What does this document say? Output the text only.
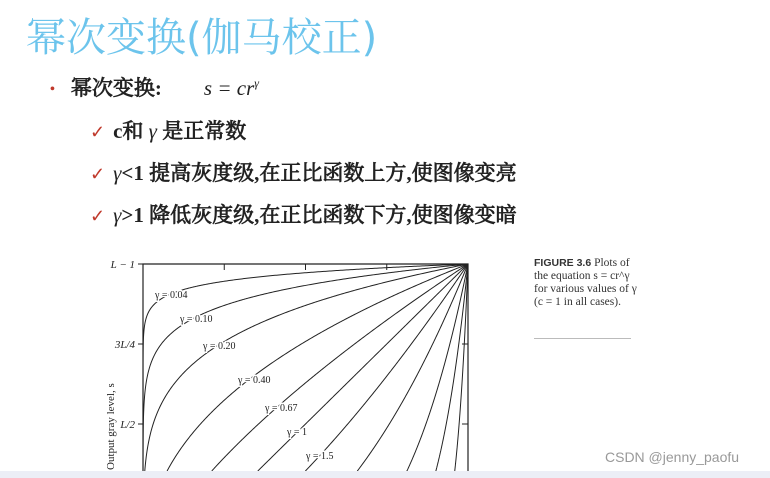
幂次变换(伽马校正)
• 幂次变换: $s = cr^\gamma$
✓ c和 γ 是正常数
✓ γ<1 提高灰度级,在正比函数上方,使图像变亮
✓ γ>1 降低灰度级,在正比函数下方,使图像变暗
L − 1
3L/4
L/2
Output gray level, s
γ = 0.04
γ = 0.10
γ = 0.20
γ = 0.40
γ = 0.67
γ = 1
γ = 1.5
FIGURE 3.6 Plots of the equation s = cr^γ for various values of γ (c = 1 in all cases).
CSDN @jenny_paofu
